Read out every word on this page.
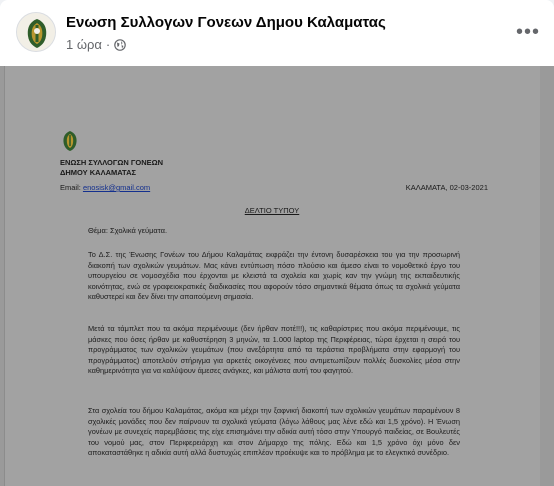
Ενωση Συλλογων Γονεων Δημου Καλαματας
1 ώρα ·
•••
ΕΝΩΣΗ ΣΥΛΛΟΓΩΝ ΓΟΝΕΩΝ
ΔΗΜΟΥ ΚΑΛΑΜΑΤΑΣ
Email: enosisk@gmail.com	ΚΑΛΑΜΑΤΑ, 02-03-2021
ΔΕΛΤΙΟ ΤΥΠΟΥ
Θέμα: Σχολικά γεύματα.
Το Δ.Σ. της Ένωσης Γονέων του Δήμου Καλαμάτας εκφράζει την έντονη δυσαρέσκεια του για την προσωρινή διακοπή των σχολικών γευμάτων. Μας κάνει εντύπωση πόσο πλούσιο και άμεσο είναι το νομοθετικό έργο του υπουργείου σε νομοσχέδια που έρχονται με κλειστά τα σχολεία και χωρίς καν την γνώμη της εκπαιδευτικής κοινότητας, ενώ σε γραφειοκρατικές διαδικασίες που αφορούν τόσο σημαντικά θέματα όπως τα σχολικά γεύματα καθυστερεί και δεν δίνει την απαιτούμενη σημασία.
Μετά τα τάμπλετ που τα ακόμα περιμένουμε (δεν ήρθαν ποτέ!!!), τις καθαρίστριες που ακόμα περιμένουμε, τις μάσκες που όσες ήρθαν με καθυστέρηση 3 μηνών, τα 1.000 laptop της Περιφέρειας, τώρα έρχεται η σειρά του προγράμματος των σχολικών γευμάτων (που ανεξάρτητα από τα τεράστια προβλήματα στην εφαρμογή του προγράμματος) αποτελούν στήριγμα για αρκετές οικογένειες που αντιμετωπίζουν πολλές δυσκολίες μέσα στην καθημερινότητα για να καλύψουν άμεσες ανάγκες, και μάλιστα αυτή του φαγητού.
Στα σχολεία του δήμου Καλαμάτας, ακόμα και μέχρι την ξαφνική διακοπή των σχολικών γευμάτων παραμένουν 8 σχολικές μονάδες που δεν παίρνουν τα σχολικά γεύματα (λόγω λάθους μας λένε εδώ και 1,5 χρόνο). Η Ένωση γονέων με συνεχείς παρεμβάσεις της είχε επισημάνει την αδικία αυτή τόσο στην Υπουργό παιδείας, σε Βουλευτές του νομού μας, στον Περιφερειάρχη και στον Δήμαρχο της πόλης. Εδώ και 1,5 χρόνο όχι μόνο δεν αποκαταστάθηκε η αδικία αυτή αλλά δυστυχώς επιπλέον προέκυψε και το πρόβλημα με το ελεγκτικό συνέδριο.
